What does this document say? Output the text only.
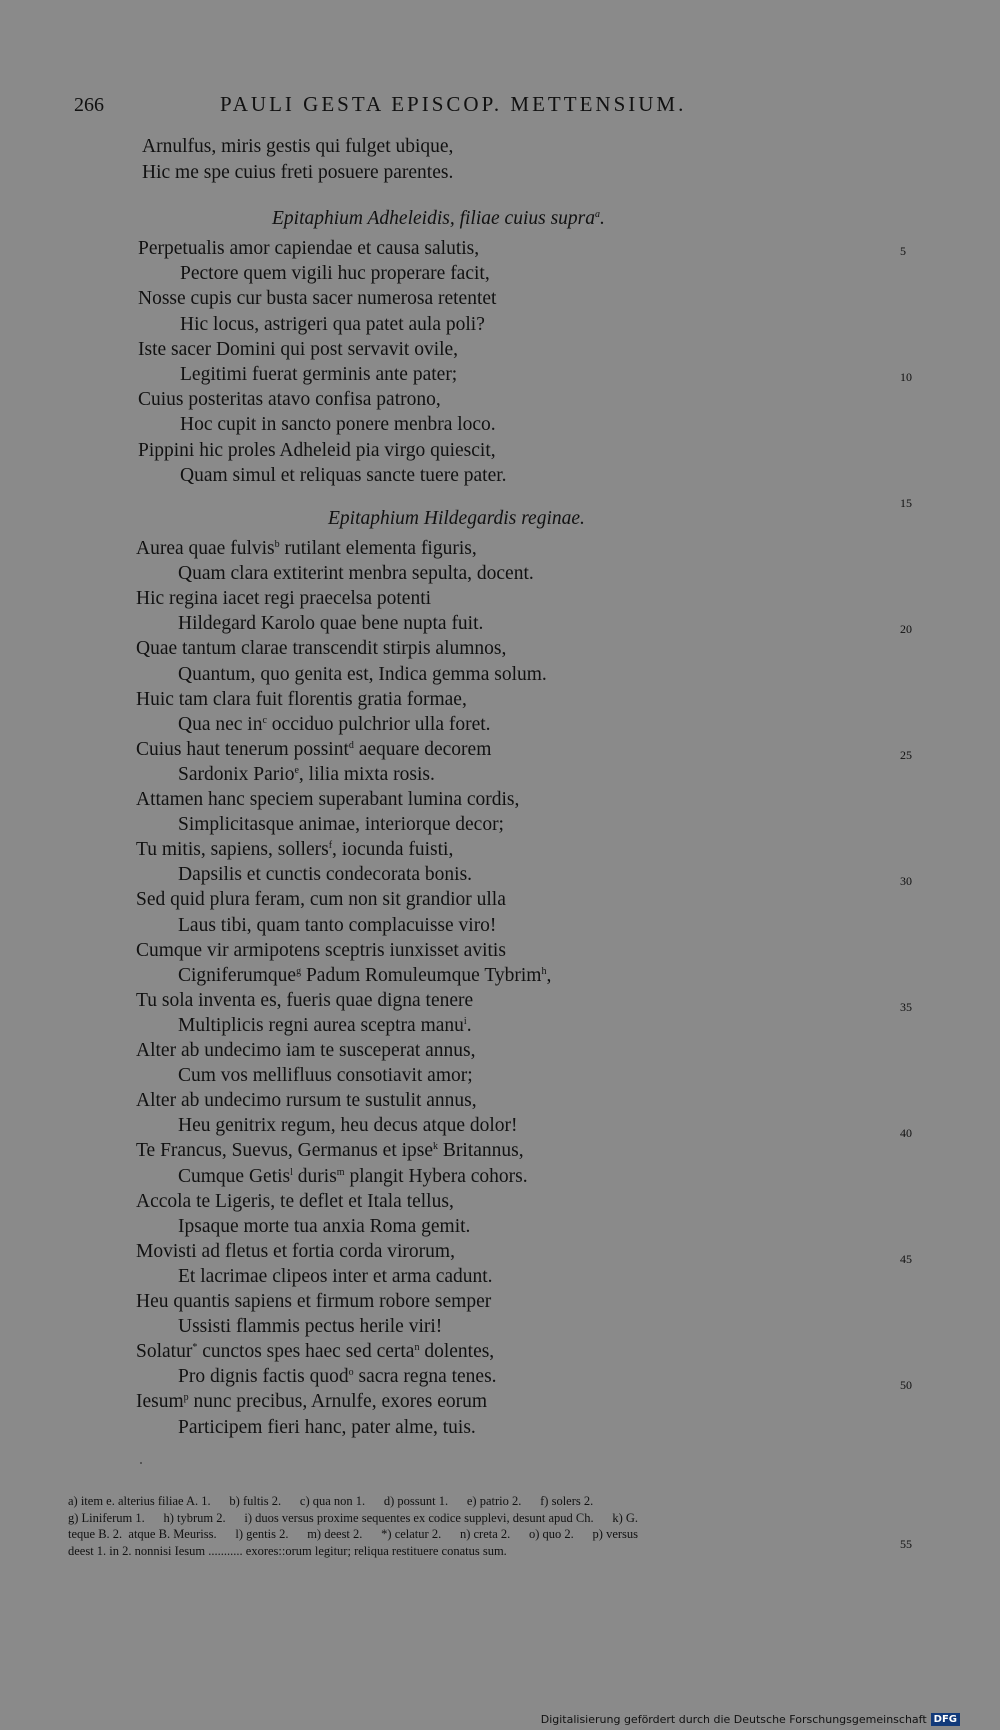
266	PAULI GESTA EPISCOP. METTENSIUM.
Arnulfus, miris gestis qui fulget ubique,
Hic me spe cuius freti posuere parentes.
Epitaphium Adheleidis, filiae cuius supra$^a$.
Perpetualis amor capiendae et causa salutis,
Pectore quem vigili huc properare facit,
Nosse cupis cur busta sacer numerosa retentet
Hic locus, astrigeri qua patet aula poli?
Iste sacer Domini qui post servavit ovile,
Legitimi fuerat germinis ante pater;
Cuius posteritas atavo confisa patrono,
Hoc cupit in sancto ponere menbra loco.
Pippini hic proles Adheleid pia virgo quiescit,
Quam simul et reliquas sancte tuere pater.
Epitaphium Hildegardis reginae.
Aurea quae fulvis$^b$ rutilant elementa figuris,
Quam clara extiterint menbra sepulta, docent.
Hic regina iacet regi praecelsa potenti
Hildegard Karolo quae bene nupta fuit.
Quae tantum clarae transcendit stirpis alumnos,
Quantum, quo genita est, Indica gemma solum.
Huic tam clara fuit florentis gratia formae,
Qua nec $in^c$ occiduo pulchrior ulla foret.
Cuius haut tenerum possint$^d$ aequare decorem
Sardonix Pario$^e$, lilia mixta rosis.
Attamen hanc speciem superabant lumina cordis,
Simplicitasque animae, interiorque decor;
Tu mitis, sapiens, sollers$^f$, iocunda fuisti,
Dapsilis et cunctis condecorata bonis.
Sed quid plura feram, cum non sit grandior ulla
Laus tibi, quam tanto complacuisse viro!
Cumque vir armipotens sceptris iunxisset avitis
Cigniferumque$^g$ Padum Romuleumque Tybrim$^h$,
Tu sola inventa es, fueris quae digna tenere
Multiplicis regni aurea sceptra manu$^i$.
Alter ab undecimo iam te susceperat annus,
Cum vos mellifluus consotiavit amor;
Alter ab undecimo rursum te sustulit annus,
Heu genitrix regum, heu decus atque dolor!
Te Francus, Suevus, Germanus et ipse$^k$ Britannus,
Cumque Getis$^l$ duris$^m$ plangit Hybera cohors.
Accola te Ligeris, te deflet et Itala tellus,
Ipsaque morte tua anxia Roma gemit.
Movisti ad fletus et fortia corda virorum,
Et lacrimae clipeos inter et arma cadunt.
Heu quantis sapiens et firmum robore semper
Ussisti flammis pectus herile viri!
Solatur* cunctos spes haec sed certa$^n$ dolentes,
Pro dignis factis quod$^o$ sacra regna tenes.
Iesum$^p$ nunc precibus, Arnulfe, exores eorum
Participem fieri hanc, pater alme, tuis.
5
10
15
20
25
30
35
40
45
50
55
a) item e. alterius filiae A. 1.      b) fultis 2.      c) qua non 1.      d) possunt 1.      e) patrio 2.      f) solers 2.
g) Liniferum 1.      h) tybrum 2.      i) duos versus proxime sequentes ex codice supplevi, desunt apud Ch.      k) G.
teque B. 2.  atque B. Meuriss.      l) gentis 2.      m) deest 2.      *) celatur 2.      n) creta 2.      o) quo 2.      p) versus
deest 1. in 2. nonnisi Iesum ........... exores::orum legitur; reliqua restituere conatus sum.
Digitalisierung gefördert durch die Deutsche Forschungsgemeinschaft DFG
